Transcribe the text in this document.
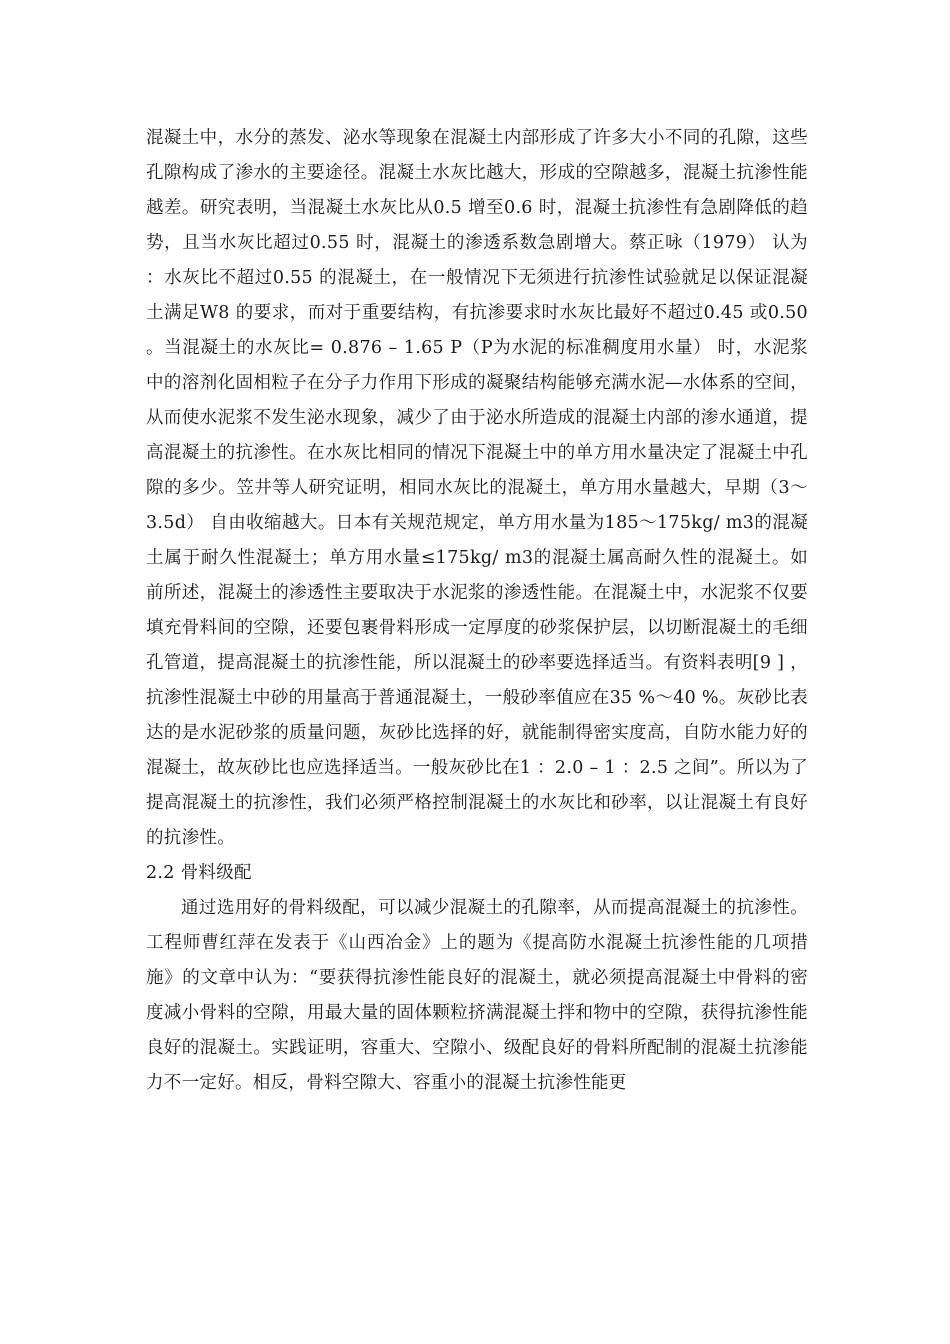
混凝土中，水分的蒸发、泌水等现象在混凝土内部形成了许多大小不同的孔隙，这些孔隙构成了渗水的主要途径。混凝土水灰比越大，形成的空隙越多，混凝土抗渗性能越差。研究表明，当混凝土水灰比从0.5 增至0.6 时，混凝土抗渗性有急剧降低的趋势，且当水灰比超过0.55 时，混凝土的渗透系数急剧增大。蔡正咏（1979） 认为 ：水灰比不超过0.55 的混凝土，在一般情况下无须进行抗渗性试验就足以保证混凝土满足W8 的要求，而对于重要结构，有抗渗要求时水灰比最好不超过0.45 或0.50 。当混凝土的水灰比= 0.876 – 1.65 P（P为水泥的标准稠度用水量） 时，水泥浆中的溶剂化固相粒子在分子力作用下形成的凝聚结构能够充满水泥—水体系的空间，从而使水泥浆不发生泌水现象，减少了由于泌水所造成的混凝土内部的渗水通道，提高混凝土的抗渗性。在水灰比相同的情况下混凝土中的单方用水量决定了混凝土中孔隙的多少。笠井等人研究证明，相同水灰比的混凝土，单方用水量越大，早期（3～3.5d） 自由收缩越大。日本有关规范规定，单方用水量为185～175kg/ m3的混凝土属于耐久性混凝土；单方用水量≤175kg/ m3的混凝土属高耐久性的混凝土。如前所述，混凝土的渗透性主要取决于水泥浆的渗透性能。在混凝土中，水泥浆不仅要填充骨料间的空隙，还要包裹骨料形成一定厚度的砂浆保护层，以切断混凝土的毛细孔管道，提高混凝土的抗渗性能，所以混凝土的砂率要选择适当。有资料表明[9 ] ，抗渗性混凝土中砂的用量高于普通混凝土，一般砂率值应在35 %～40 %。灰砂比表达的是水泥砂浆的质量问题，灰砂比选择的好，就能制得密实度高，自防水能力好的混凝土，故灰砂比也应选择适当。一般灰砂比在1 ：2.0 – 1 ：2.5 之间”。所以为了提高混凝土的抗渗性，我们必须严格控制混凝土的水灰比和砂率，以让混凝土有良好的抗渗性。

2.2 骨料级配

通过选用好的骨料级配，可以减少混凝土的孔隙率，从而提高混凝土的抗渗性。工程师曹红萍在发表于《山西冶金》上的题为《提高防水混凝土抗渗性能的几项措施》的文章中认为：“要获得抗渗性能良好的混凝土，就必须提高混凝土中骨料的密度减小骨料的空隙，用最大量的固体颗粒挤满混凝土拌和物中的空隙，获得抗渗性能良好的混凝土。实践证明，容重大、空隙小、级配良好的骨料所配制的混凝土抗渗能力不一定好。相反，骨料空隙大、容重小的混凝土抗渗性能更
